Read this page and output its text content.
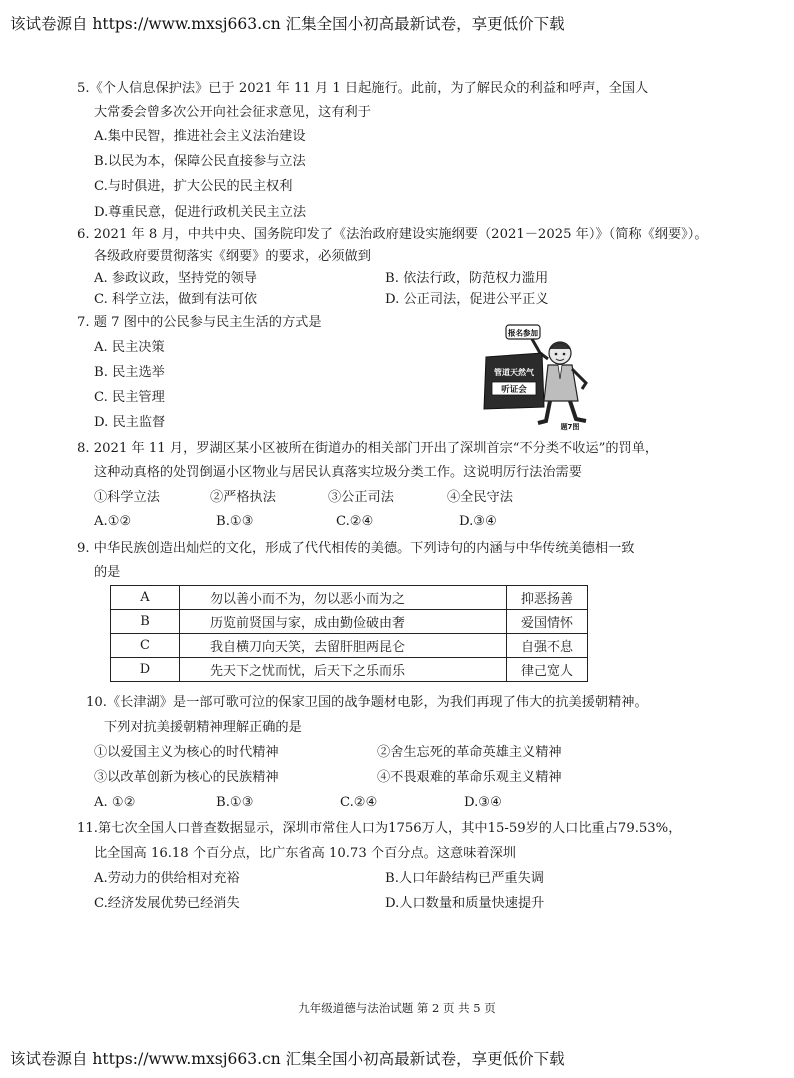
该试卷源自 https://www.mxsj663.cn 汇集全国小初高最新试卷，享更低价下载
5.《个人信息保护法》已于 2021 年 11 月 1 日起施行。此前，为了解民众的利益和呼声，全国人
大常委会曾多次公开向社会征求意见，这有利于
A.集中民智，推进社会主义法治建设
B.以民为本，保障公民直接参与立法
C.与时俱进，扩大公民的民主权利
D.尊重民意，促进行政机关民主立法
6. 2021 年 8 月，中共中央、国务院印发了《法治政府建设实施纲要（2021－2025 年）》（简称《纲要》）。
各级政府要贯彻落实《纲要》的要求，必须做到
A. 参政议政，坚持党的领导	B. 依法行政，防范权力滥用
C. 科学立法，做到有法可依	D. 公正司法，促进公平正义
7. 题 7 图中的公民参与民主生活的方式是
A. 民主决策
B. 民主选举
C. 民主管理
D. 民主监督
报名参加
管道天然气
听证会
题7图
8. 2021 年 11 月，罗湖区某小区被所在街道办的相关部门开出了深圳首宗“不分类不收运”的罚单，
这种动真格的处罚倒逼小区物业与居民认真落实垃圾分类工作。这说明厉行法治需要
①科学立法	②严格执法	③公正司法	④全民守法
A.①②	B.①③	C.②④	D.③④
9. 中华民族创造出灿烂的文化，形成了代代相传的美德。下列诗句的内涵与中华传统美德相一致
的是
A	勿以善小而不为，勿以恶小而为之	抑恶扬善
B	历览前贤国与家，成由勤俭破由奢	爱国情怀
C	我自横刀向天笑，去留肝胆两昆仑	自强不息
D	先天下之忧而忧，后天下之乐而乐	律己宽人
10.《长津湖》是一部可歌可泣的保家卫国的战争题材电影，为我们再现了伟大的抗美援朝精神。
下列对抗美援朝精神理解正确的是
①以爱国主义为核心的时代精神	②舍生忘死的革命英雄主义精神
③以改革创新为核心的民族精神	④不畏艰难的革命乐观主义精神
A. ①②	B.①③	C.②④	D.③④
11.第七次全国人口普查数据显示，深圳市常住人口为1756万人，其中15-59岁的人口比重占79.53%，
比全国高 16.18 个百分点，比广东省高 10.73 个百分点。这意味着深圳
A.劳动力的供给相对充裕	B.人口年龄结构已严重失调
C.经济发展优势已经消失	D.人口数量和质量快速提升
九年级道德与法治试题 第 2 页 共 5 页
该试卷源自 https://www.mxsj663.cn 汇集全国小初高最新试卷，享更低价下载
